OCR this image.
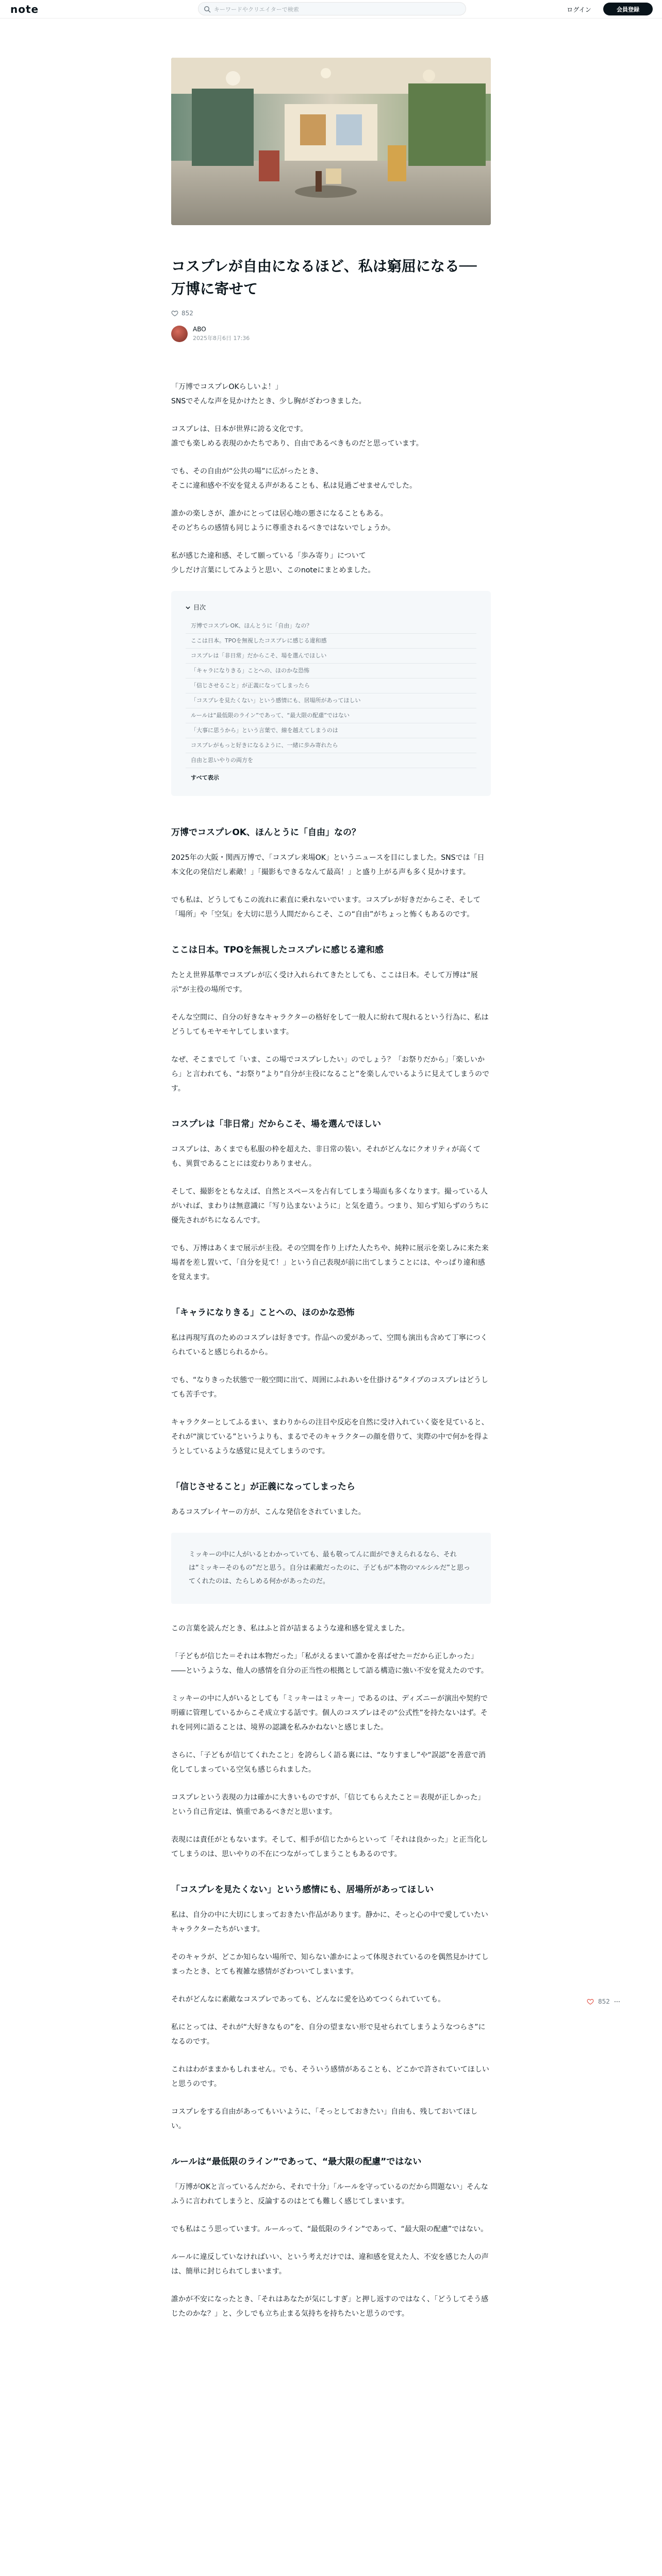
note
キーワードやクリエイターで検索	ログイン	会員登録
コスプレが自由になるほど、私は窮屈になる──万博に寄せて
852
ABO
2025年8月6日 17:36

「万博でコスプレOKらしいよ！」
SNSでそんな声を見かけたとき、少し胸がざわつきました。

コスプレは、日本が世界に誇る文化です。
誰でも楽しめる表現のかたちであり、自由であるべきものだと思っています。

でも、その自由が“公共の場”に広がったとき、
そこに違和感や不安を覚える声があることも、私は見過ごせませんでした。

誰かの楽しさが、誰かにとっては居心地の悪さになることもある。
そのどちらの感情も同じように尊重されるべきではないでしょうか。

私が感じた違和感、そして願っている「歩み寄り」について
少しだけ言葉にしてみようと思い、このnoteにまとめました。

目次
万博でコスプレOK、ほんとうに「自由」なの？
ここは日本。TPOを無視したコスプレに感じる違和感
コスプレは「非日常」だからこそ、場を選んでほしい
「キャラになりきる」ことへの、ほのかな恐怖
「信じさせること」が正義になってしまったら
「コスプレを見たくない」という感情にも、居場所があってほしい
ルールは“最低限のライン”であって、“最大限の配慮”ではない
「大事に思うから」という言葉で、線を越えてしまうのは
コスプレがもっと好きになるように、一緒に歩み寄れたら
自由と思いやりの両方を
すべて表示
万博でコスプレOK、ほんとうに「自由」なの？

2025年の大阪・関西万博で、「コスプレ来場OK」というニュースを目にしました。SNSでは「日本文化の発信だし素敵！」「撮影もできるなんて最高！」と盛り上がる声も多く見かけます。

でも私は、どうしてもこの流れに素直に乗れないでいます。コスプレが好きだからこそ、そして「場所」や「空気」を大切に思う人間だからこそ、この“自由”がちょっと怖くもあるのです。

ここは日本。TPOを無視したコスプレに感じる違和感

たとえ世界基準でコスプレが広く受け入れられてきたとしても、ここは日本。そして万博は“展示”が主役の場所です。

そんな空間に、自分の好きなキャラクターの格好をして一般人に紛れて現れるという行為に、私はどうしてもモヤモヤしてしまいます。

なぜ、そこまでして「いま、この場でコスプレしたい」のでしょう？「お祭りだから」「楽しいから」と言われても、“お祭り”より“自分が主役になること”を楽しんでいるように見えてしまうのです。

コスプレは「非日常」だからこそ、場を選んでほしい

コスプレは、あくまでも私服の枠を超えた、非日常の装い。それがどんなにクオリティが高くても、異質であることには変わりありません。

そして、撮影をともなえば、自然とスペースを占有してしまう場面も多くなります。撮っている人がいれば、まわりは無意識に「写り込まないように」と気を遣う。つまり、知らず知らずのうちに優先されがちになるんです。

でも、万博はあくまで展示が主役。その空間を作り上げた人たちや、純粋に展示を楽しみに来た来場者を差し置いて、「自分を見て！」という自己表現が前に出てしまうことには、やっぱり違和感を覚えます。

「キャラになりきる」ことへの、ほのかな恐怖

私は再現写真のためのコスプレは好きです。作品への愛があって、空間も演出も含めて丁寧につくられていると感じられるから。

でも、“なりきった状態で一般空間に出て、周囲にふれあいを仕掛ける”タイプのコスプレはどうしても苦手です。

キャラクターとしてふるまい、まわりからの注目や反応を自然に受け入れていく姿を見ていると、それが“演じている”というよりも、まるでそのキャラクターの顔を借りて、実際の中で何かを得ようとしているような感覚に見えてしまうのです。

「信じさせること」が正義になってしまったら

あるコスプレイヤーの方が、こんな発信をされていました。

ミッキーの中に人がいるとわかっていても、最も敬ってんに面ができえられるなら、それは“ミッキーそのもの”だと思う。自分は素敵だったのに、子どもが“本物のマルシルだ”と思ってくれたのは、たらしめる何かがあったのだ。

この言葉を読んだとき、私はふと首が詰まるような違和感を覚えました。

「子どもが信じた＝それは本物だった」「私がえるまいて誰かを喜ばせた＝だから正しかった」――というような、他人の感情を自分の正当性の根拠として語る構造に強い不安を覚えたのです。

ミッキーの中に人がいるとしても「ミッキーはミッキー」であるのは、ディズニーが演出や契約で明確に管理しているからこそ成立する話です。個人のコスプレはその“公式性”を持たないはず。それを同列に語ることは、境界の認識を私みかねないと感じました。

さらに、「子どもが信じてくれたこと」を誇らしく語る裏には、“なりすまし”や“誤認”を善意で消化してしまっている空気も感じられました。

コスプレという表現の力は確かに大きいものですが、「信じてもらえたこと＝表現が正しかった」という自己肯定は、慎重であるべきだと思います。

表現には責任がともないます。そして、相手が信じたからといって「それは良かった」と正当化してしまうのは、思いやりの不在につながってしまうこともあるのです。

「コスプレを見たくない」という感情にも、居場所があってほしい

私は、自分の中に大切にしまっておきたい作品があります。静かに、そっと心の中で愛していたいキャラクターたちがいます。

そのキャラが、どこか知らない場所で、知らない誰かによって体現されているのを偶然見かけてしまったとき、とても複雑な感情がざわついてしまいます。

それがどんなに素敵なコスプレであっても、どんなに愛を込めてつくられていても。

私にとっては、それが“大好きなもの”を、自分の望まない形で見せられてしまうようなつらさ”になるのです。

これはわがままかもしれません。でも、そういう感情があることも、どこかで許されていてほしいと思うのです。

コスプレをする自由があってもいいように、「そっとしておきたい」自由も、残しておいてほしい。

ルールは“最低限のライン”であって、“最大限の配慮”ではない

「万博がOKと言っているんだから、それで十分」「ルールを守っているのだから問題ない」そんなふうに言われてしまうと、反論するのはとても難しく感じてしまいます。

でも私はこう思っています。ルールって、“最低限のライン”であって、“最大限の配慮”ではない。

ルールに違反していなければいい、という考えだけでは、違和感を覚えた人、不安を感じた人の声は、簡単に封じられてしまいます。

誰かが不安になったとき、「それはあなたが気にしすぎ」と押し返すのではなく、「どうしてそう感じたのかな？」と、少しでも立ち止まる気持ちを持ちたいと思うのです。

852 ⋯
